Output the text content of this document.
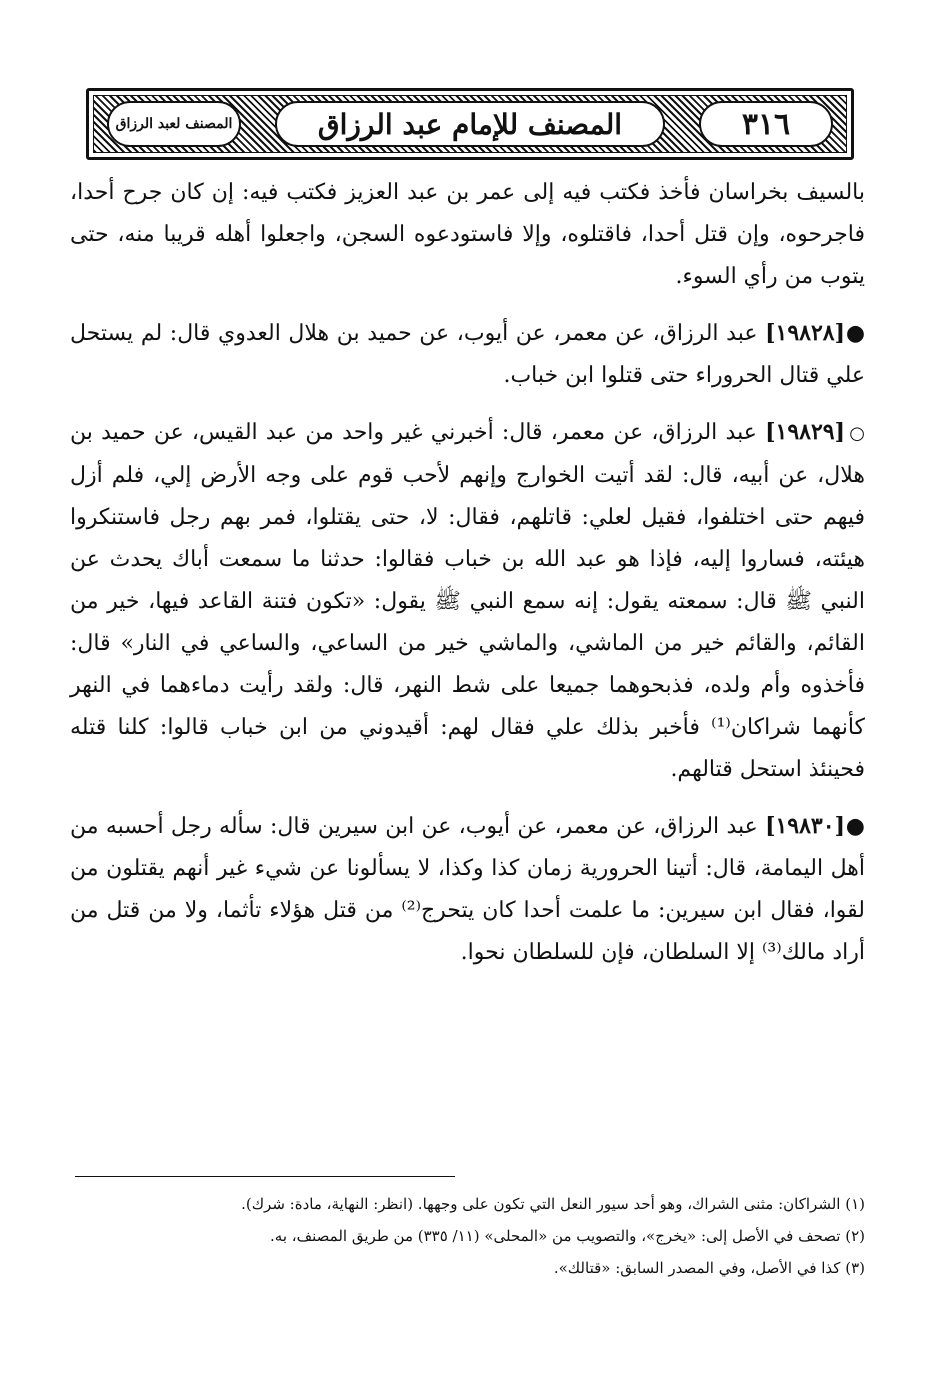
٣١٦
المصنف لعبد الرزاق	المصنف للإمام عبد الرزاق

بالسيف بخراسان فأخذ فكتب فيه إلى عمر بن عبد العزيز فكتب فيه: إن كان جرح أحدا، فاجرحوه، وإن قتل أحدا، فاقتلوه، وإلا فاستودعوه السجن، واجعلوا أهله قريبا منه، حتى يتوب من رأي السوء.

●[١٩٨٢٨] عبد الرزاق، عن معمر، عن أيوب، عن حميد بن هلال العدوي قال: لم يستحل علي قتال الحروراء حتى قتلوا ابن خباب.

○[١٩٨٢٩] عبد الرزاق، عن معمر، قال: أخبرني غير واحد من عبد القيس، عن حميد بن هلال، عن أبيه، قال: لقد أتيت الخوارج وإنهم لأحب قوم على وجه الأرض إلي، فلم أزل فيهم حتى اختلفوا، فقيل لعلي: قاتلهم، فقال: لا، حتى يقتلوا، فمر بهم رجل فاستنكروا هيئته، فساروا إليه، فإذا هو عبد الله بن خباب فقالوا: حدثنا ما سمعت أباك يحدث عن النبي ﷺ قال: سمعته يقول: إنه سمع النبي ﷺ يقول: «تكون فتنة القاعد فيها، خير من القائم، والقائم خير من الماشي، والماشي خير من الساعي، والساعي في النار» قال: فأخذوه وأم ولده، فذبحوهما جميعا على شط النهر، قال: ولقد رأيت دماءهما في النهر كأنهما شراكان⁽¹⁾ فأخبر بذلك علي فقال لهم: أقيدوني من ابن خباب قالوا: كلنا قتله فحينئذ استحل قتالهم.

●[١٩٨٣٠] عبد الرزاق، عن معمر، عن أيوب، عن ابن سيرين قال: سأله رجل أحسبه من أهل اليمامة، قال: أتينا الحرورية زمان كذا وكذا، لا يسألونا عن شيء غير أنهم يقتلون من لقوا، فقال ابن سيرين: ما علمت أحدا كان يتحرج⁽²⁾ من قتل هؤلاء تأثما، ولا من قتل من أراد مالك⁽³⁾ إلا السلطان، فإن للسلطان نحوا.

(١) الشراكان: مثنى الشراك، وهو أحد سيور النعل التي تكون على وجهها. (انظر: النهاية، مادة: شرك).

(٢) تصحف في الأصل إلى: «يخرج»، والتصويب من «المحلى» (١١/ ٣٣٥) من طريق المصنف، به.

(٣) كذا في الأصل، وفي المصدر السابق: «قتالك».
